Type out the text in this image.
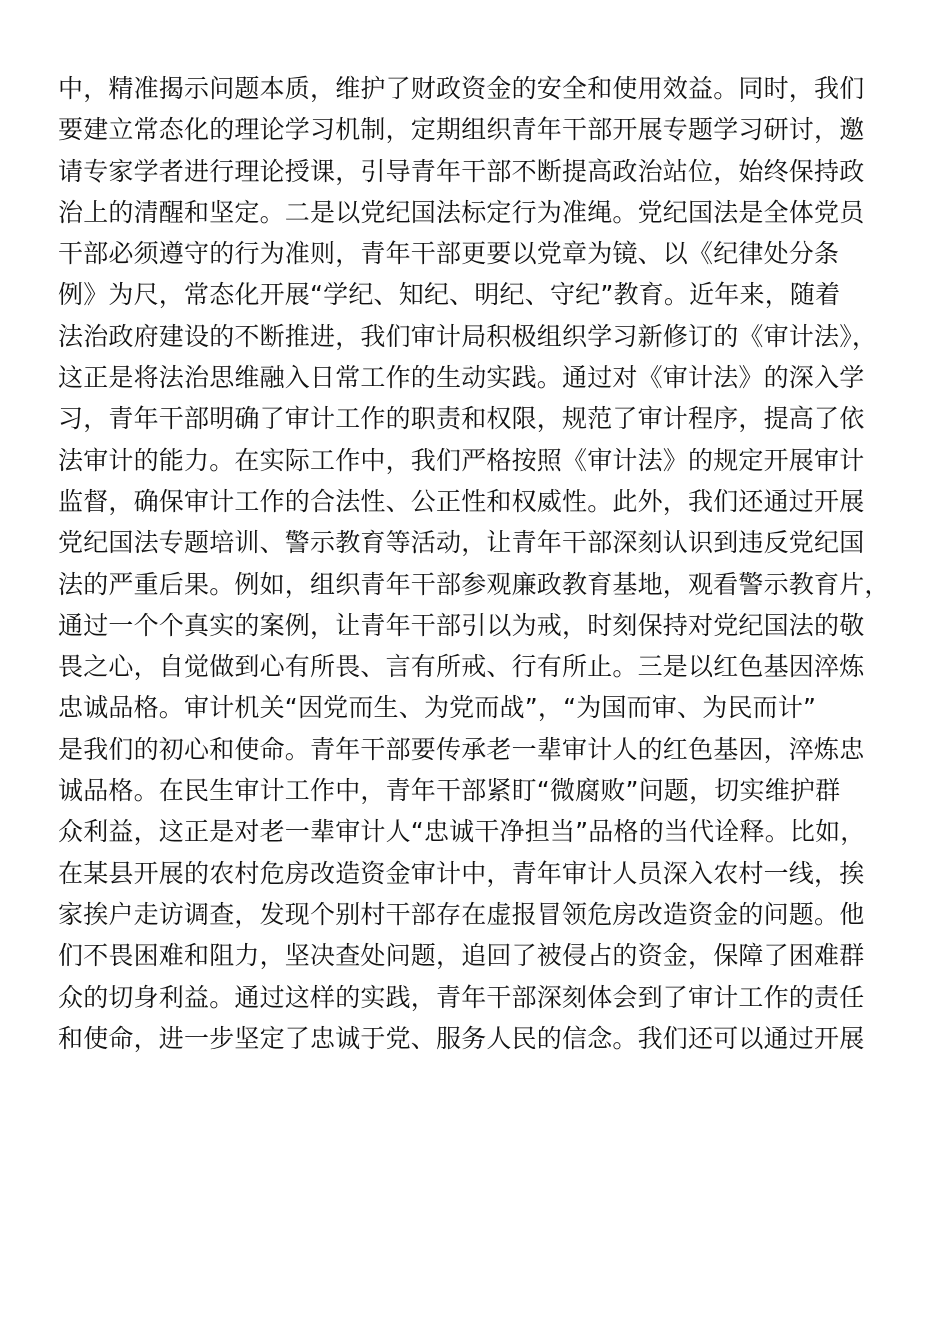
中，精准揭示问题本质，维护了财政资金的安全和使用效益。同时，我们
要建立常态化的理论学习机制，定期组织青年干部开展专题学习研讨，邀
请专家学者进行理论授课，引导青年干部不断提高政治站位，始终保持政
治上的清醒和坚定。二是以党纪国法标定行为准绳。党纪国法是全体党员
干部必须遵守的行为准则，青年干部更要以党章为镜、以《纪律处分条
例》为尺，常态化开展“学纪、知纪、明纪、守纪”教育。近年来，随着
法治政府建设的不断推进，我们审计局积极组织学习新修订的《审计法》，
这正是将法治思维融入日常工作的生动实践。通过对《审计法》的深入学
习，青年干部明确了审计工作的职责和权限，规范了审计程序，提高了依
法审计的能力。在实际工作中，我们严格按照《审计法》的规定开展审计
监督，确保审计工作的合法性、公正性和权威性。此外，我们还通过开展
党纪国法专题培训、警示教育等活动，让青年干部深刻认识到违反党纪国
法的严重后果。例如，组织青年干部参观廉政教育基地，观看警示教育片，
通过一个个真实的案例，让青年干部引以为戒，时刻保持对党纪国法的敬
畏之心，自觉做到心有所畏、言有所戒、行有所止。三是以红色基因淬炼
忠诚品格。审计机关“因党而生、为党而战”，“为国而审、为民而计”
是我们的初心和使命。青年干部要传承老一辈审计人的红色基因，淬炼忠
诚品格。在民生审计工作中，青年干部紧盯“微腐败”问题，切实维护群
众利益，这正是对老一辈审计人“忠诚干净担当”品格的当代诠释。比如，
在某县开展的农村危房改造资金审计中，青年审计人员深入农村一线，挨
家挨户走访调查，发现个别村干部存在虚报冒领危房改造资金的问题。他
们不畏困难和阻力，坚决查处问题，追回了被侵占的资金，保障了困难群
众的切身利益。通过这样的实践，青年干部深刻体会到了审计工作的责任
和使命，进一步坚定了忠诚于党、服务人民的信念。我们还可以通过开展
